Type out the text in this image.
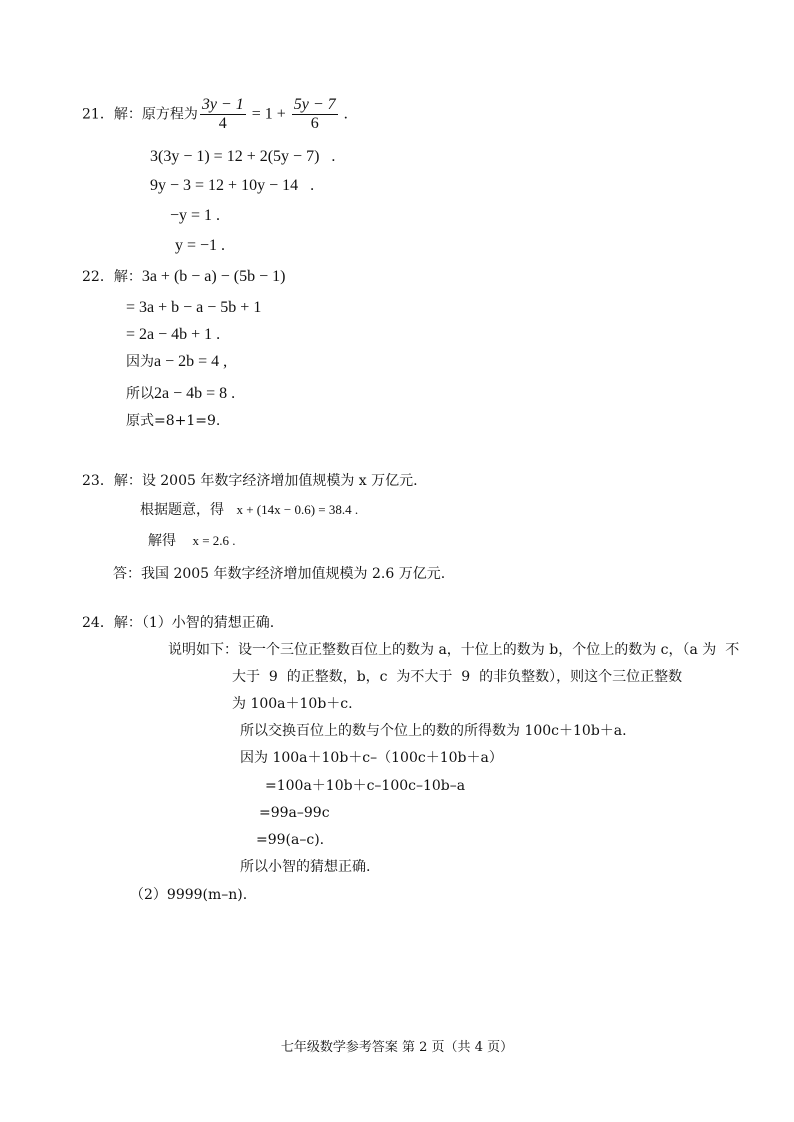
21．解：原方程为 $\frac{3y - 1}{4} = 1 + \frac{5y - 7}{6}$ .
3(3y − 1) = 12 + 2(5y − 7)   .
9y − 3 = 12 + 10y − 14   .
−y = 1 .
y = −1 .
22．解：3a + (b − a) − (5b − 1)
= 3a + b − a − 5b + 1
= 2a − 4b + 1 .
因为a − 2b = 4 ,
所以2a − 4b = 8 .
原式=8+1=9.
23．解：设 2005 年数字经济增加值规模为 x 万亿元.
根据题意，得 x + (14x − 0.6) = 38.4 .
解得 x = 2.6 .
答：我国 2005 年数字经济增加值规模为 2.6 万亿元.
24．解：（1）小智的猜想正确.
说明如下：设一个三位正整数百位上的数为 a，十位上的数为 b，个位上的数为 c，（a 为  不
大于  9  的正整数，b，c  为不大于  9  的非负整数），则这个三位正整数
为 100a＋10b＋c.
所以交换百位上的数与个位上的数的所得数为 100c＋10b＋a.
因为 100a＋10b＋c–（100c＋10b＋a）
=100a＋10b＋c–100c–10b–a
=99a–99c
=99(a–c).
所以小智的猜想正确.
（2）9999(m–n).
七年级数学参考答案 第 2 页（共 4 页）
